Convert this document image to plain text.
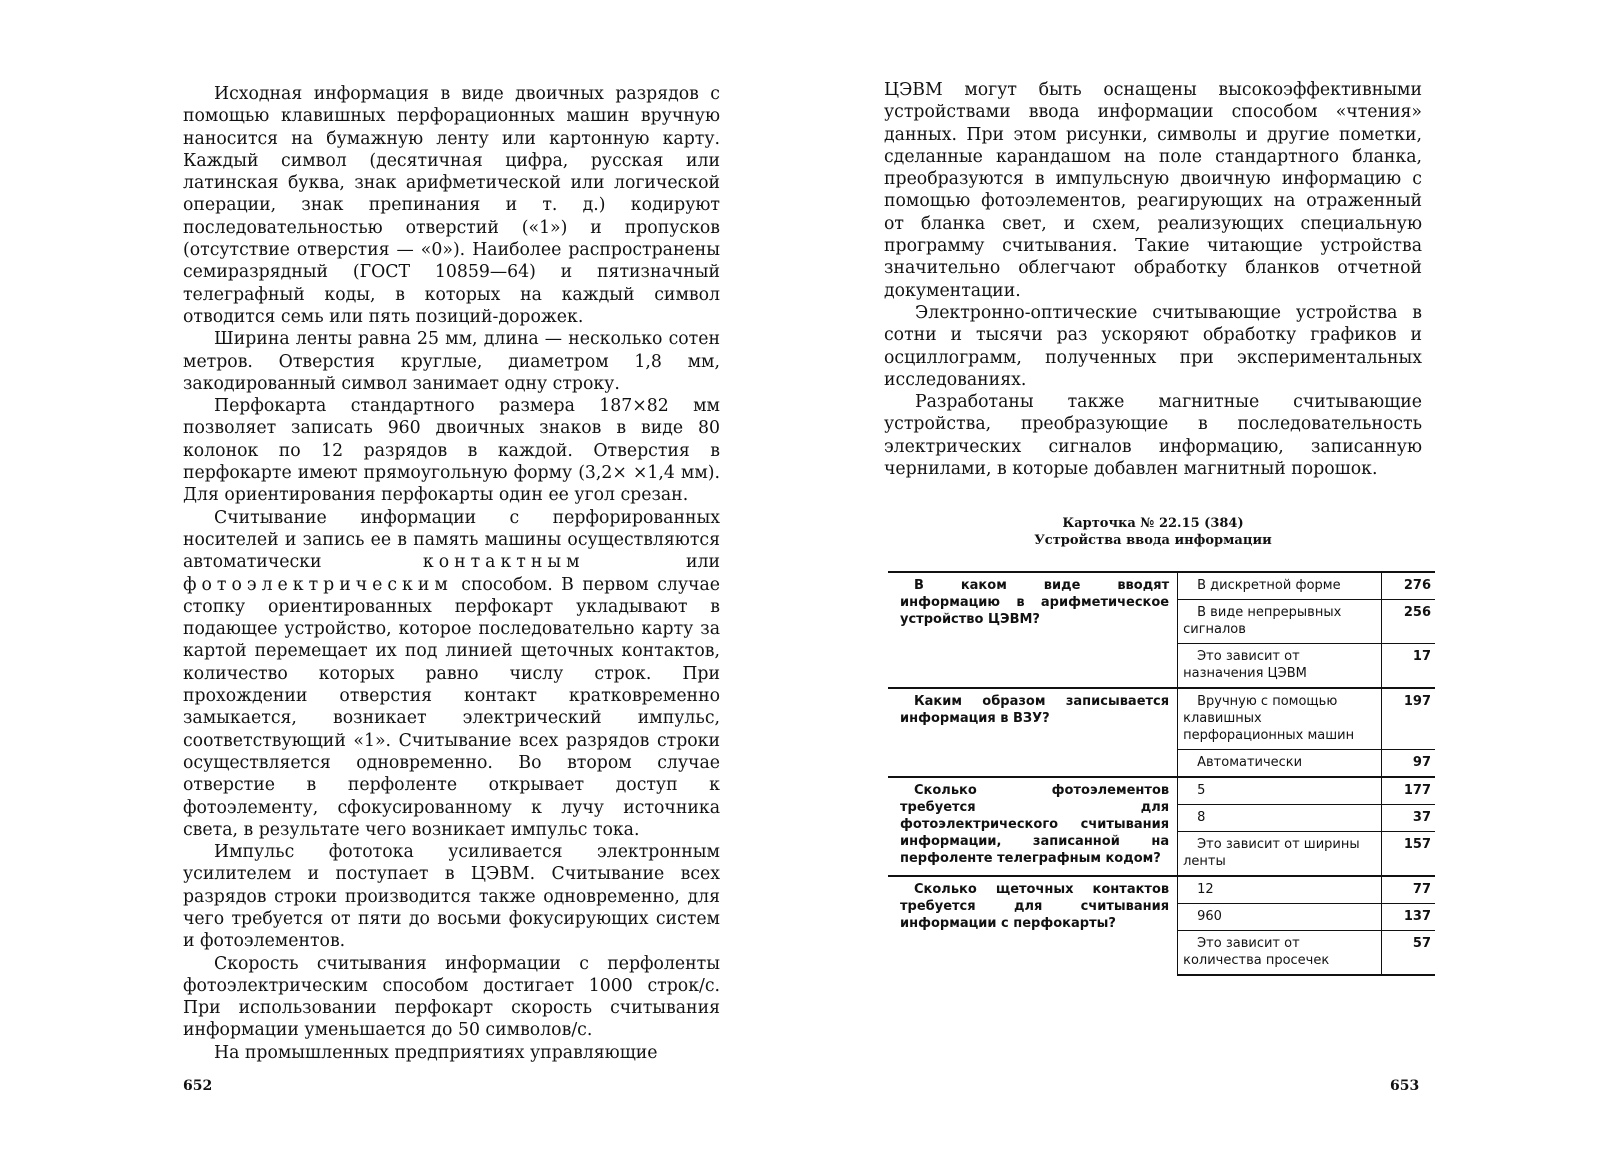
Исходная информация в виде двоичных разрядов с помощью клавишных перфорационных машин вручную наносится на бумажную ленту или картонную карту. Каждый символ (десятичная цифра, русская или латинская буква, знак арифметической или логической операции, знак препинания и т. д.) кодируют последовательностью отверстий («1») и пропусков (отсутствие отверстия — «0»). Наиболее распространены семиразрядный (ГОСТ 10859—64) и пятизначный телеграфный коды, в которых на каждый символ отводится семь или пять позиций-дорожек.

Ширина ленты равна 25 мм, длина — несколько сотен метров. Отверстия круглые, диаметром 1,8 мм, закодированный символ занимает одну строку.

Перфокарта стандартного размера 187×82 мм позволяет записать 960 двоичных знаков в виде 80 колонок по 12 разрядов в каждой. Отверстия в перфокарте имеют прямоугольную форму (3,2× ×1,4 мм). Для ориентирования перфокарты один ее угол срезан.

Считывание информации с перфорированных носителей и запись ее в память машины осуществляются автоматически контактным или фотоэлектрическим способом. В первом случае стопку ориентированных перфокарт укладывают в подающее устройство, которое последовательно карту за картой перемещает их под линией щеточных контактов, количество которых равно числу строк. При прохождении отверстия контакт кратковременно замыкается, возникает электрический импульс, соответствующий «1». Считывание всех разрядов строки осуществляется одновременно. Во втором случае отверстие в перфоленте открывает доступ к фотоэлементу, сфокусированному к лучу источника света, в результате чего возникает импульс тока.

Импульс фототока усиливается электронным усилителем и поступает в ЦЭВМ. Считывание всех разрядов строки производится также одновременно, для чего требуется от пяти до восьми фокусирующих систем и фотоэлементов.

Скорость считывания информации с перфоленты фотоэлектрическим способом достигает 1000 строк/с. При использовании перфокарт скорость считывания информации уменьшается до 50 символов/с.

На промышленных предприятиях управляющие

652

ЦЭВМ могут быть оснащены высокоэффективными устройствами ввода информации способом «чтения» данных. При этом рисунки, символы и другие пометки, сделанные карандашом на поле стандартного бланка, преобразуются в импульсную двоичную информацию с помощью фотоэлементов, реагирующих на отраженный от бланка свет, и схем, реализующих специальную программу считывания. Такие читающие устройства значительно облегчают обработку бланков отчетной документации.

Электронно-оптические считывающие устройства в сотни и тысячи раз ускоряют обработку графиков и осциллограмм, полученных при экспериментальных исследованиях.

Разработаны также магнитные считывающие устройства, преобразующие в последовательность электрических сигналов информацию, записанную чернилами, в которые добавлен магнитный порошок.

Карточка № 22.15 (384)
Устройства ввода информации
В каком виде вводят информацию в арифметическое устройство ЦЭВМ?	В дискретной форме	276

	В виде непрерывных сигналов	256

	Это зависит от назначения ЦЭВМ	17

Каким образом записывается информация в ВЗУ?	Вручную с помощью клавишных перфорационных машин	197

	Автоматически	97

Сколько фотоэлементов требуется для фотоэлектрического считывания информации, записанной на перфоленте телеграфным кодом?	5	177

	8	37

	Это зависит от ширины ленты	157

Сколько щеточных контактов требуется для считывания информации с перфокарты?	12	77

	960	137

	Это зависит от количества просечек	57
653
